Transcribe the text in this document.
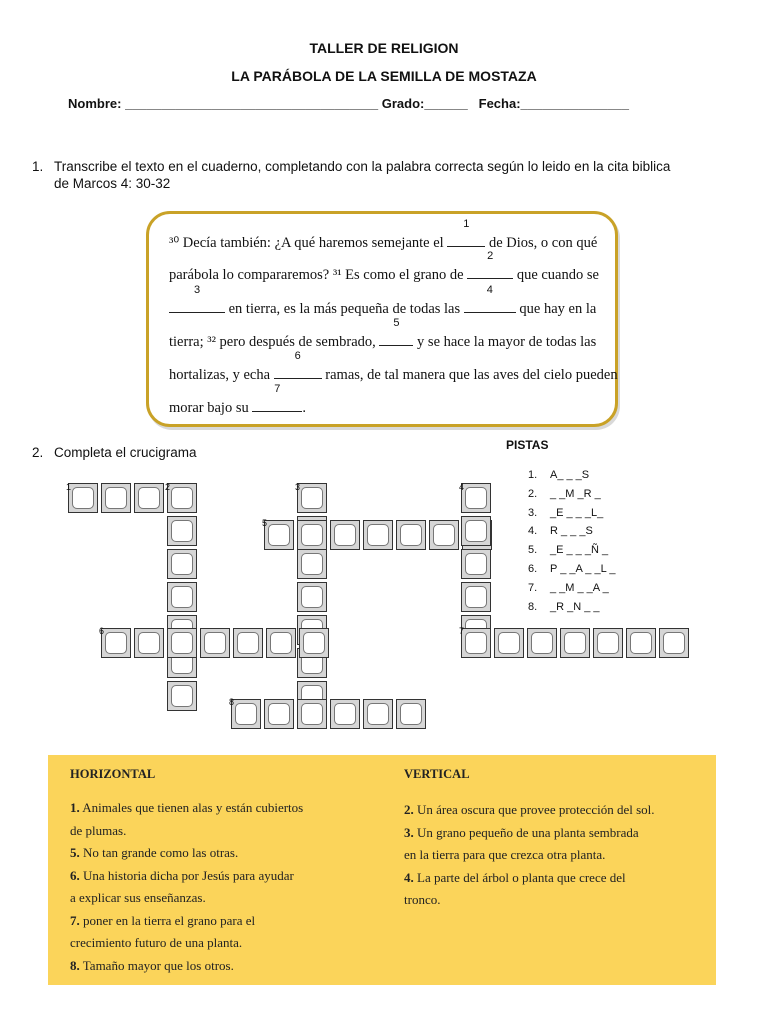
TALLER DE RELIGION
LA PARÁBOLA DE LA SEMILLA DE MOSTAZA
Nombre: ___________________________________ Grado:______ Fecha:_______________
1. Transcribe el texto en el cuaderno, completando con la palabra correcta según lo leido en la cita biblica
de Marcos 4: 30-32
³⁰ Decía también: ¿A qué haremos semejante el
1
de Dios, o con qué
parábola lo compararemos? ³¹ Es como el grano de
2
que cuando se
3
en tierra, es la más pequeña de todas las
4
que hay en la
tierra; ³² pero después de sembrado,
5
y se hace la mayor de todas las
hortalizas, y echa
6
ramas, de tal manera que las aves del cielo pueden
morar bajo su
7
.
2. Completa el crucigrama	PISTAS
1. A_ _ _S
2. _ _M _R _
3. _E _ _ _L_
4. R _ _ _S
5. _E _ _ _Ñ _
6. P _ _A _ _L _
7. _ _M _ _A _
8. _R _N _ _
1	2	3	4
5
6	7
8
HORIZONTAL	VERTICAL
1. Animales que tienen alas y están cubiertos
de plumas.
5. No tan grande como las otras.
6. Una historia dicha por Jesús para ayudar
a explicar sus enseñanzas.
7. poner en la tierra el grano para el
crecimiento futuro de una planta.
8. Tamaño mayor que los otros.
2. Un área oscura que provee protección del sol.
3. Un grano pequeño de una planta sembrada
en la tierra para que crezca otra planta.
4. La parte del árbol o planta que crece del
tronco.
